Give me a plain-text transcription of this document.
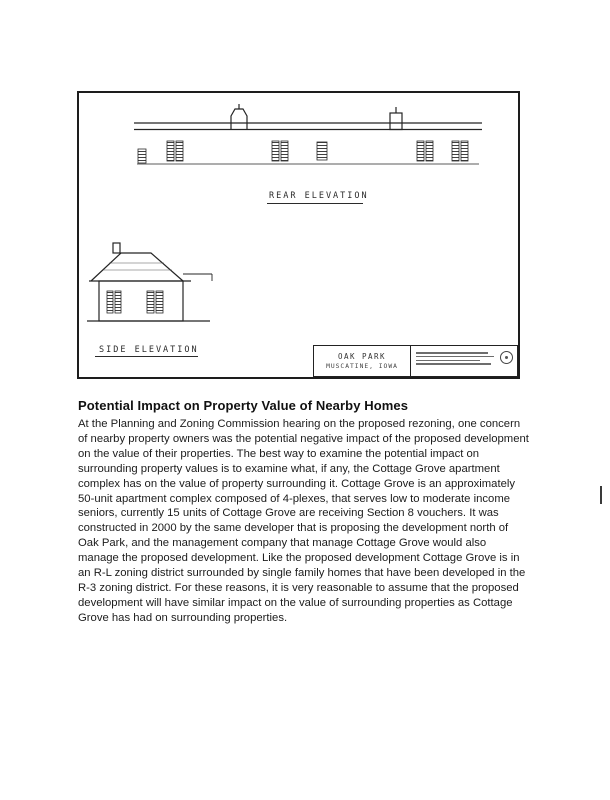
REAR ELEVATION
SIDE ELEVATION
OAK PARK
MUSCATINE, IOWA
Potential Impact on Property Value of Nearby Homes
At the Planning and Zoning Commission hearing on the proposed rezoning, one concern of nearby property owners was the potential negative impact of the proposed development on the value of their properties. The best way to examine the potential impact on surrounding property values is to examine what, if any, the Cottage Grove apartment complex has on the value of property surrounding it. Cottage Grove is an approximately 50-unit apartment complex composed of 4-plexes, that serves low to moderate income seniors, currently 15 units of Cottage Grove are receiving Section 8 vouchers. It was constructed in 2000 by the same developer that is proposing the development north of Oak Park, and the management company that manage Cottage Grove would also manage the proposed development. Like the proposed development Cottage Grove is in an R-L zoning district surrounded by single family homes that have been developed in the R-3 zoning district. For these reasons, it is very reasonable to assume that the proposed development will have similar impact on the value of surrounding properties as Cottage Grove has had on surrounding properties.
